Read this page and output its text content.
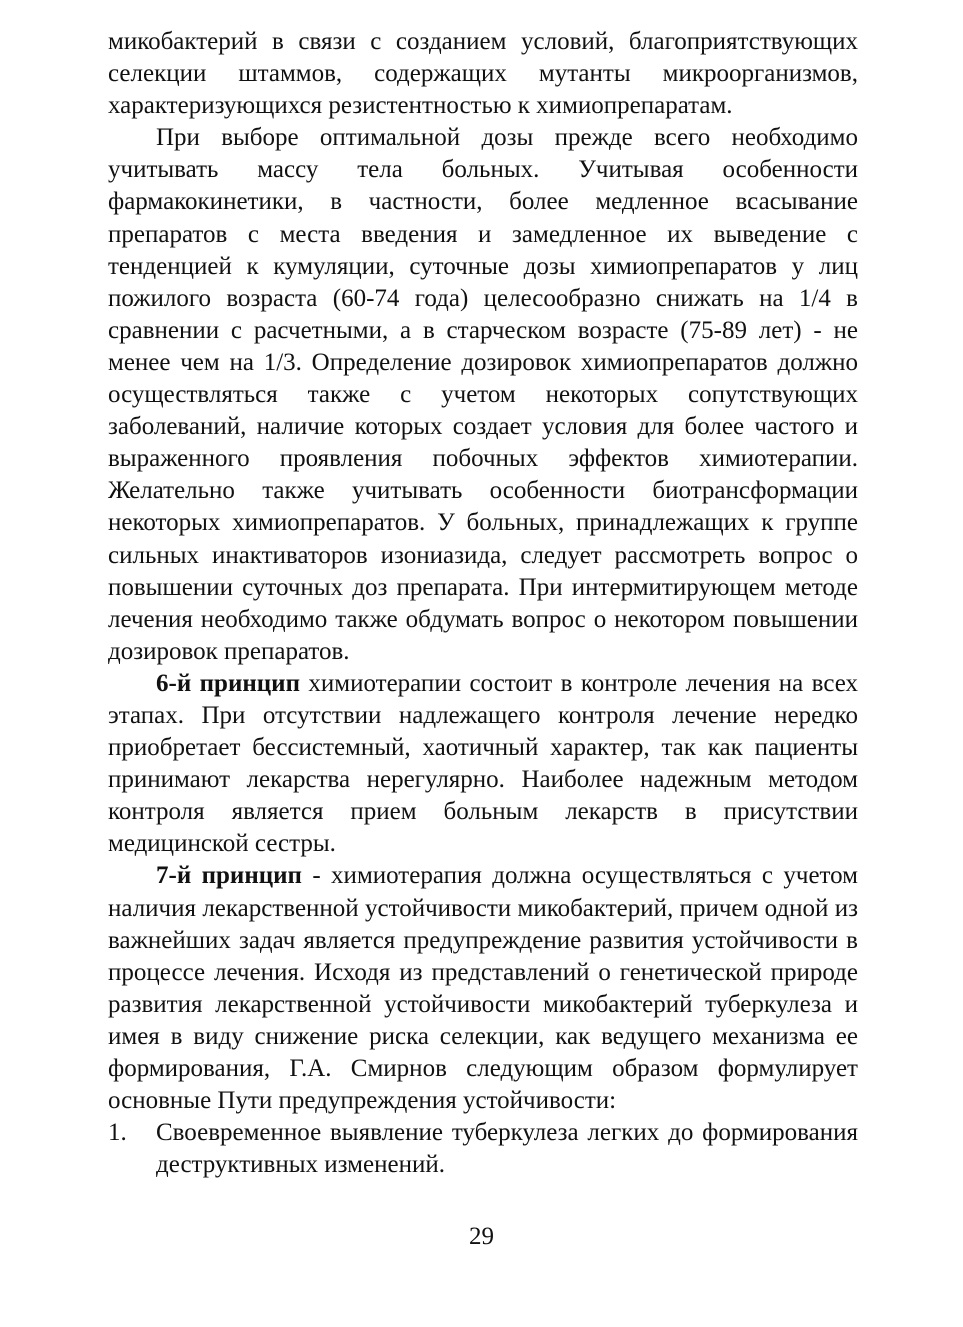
микобактерий в связи с созданием условий, благоприятствующих селекции штаммов, содержащих мутанты микроорганизмов, характеризующихся резистентностью к химиопрепаратам.

При выборе оптимальной дозы прежде всего необходимо учитывать массу тела больных. Учитывая особенности фармакокинетики, в частности, более медленное всасывание препаратов с места введения и замедленное их выведение с тенденцией к кумуляции, суточные дозы химиопрепаратов у лиц пожилого возраста (60-74 года) целесообразно снижать на 1/4 в сравнении с расчетными, а в старческом возрасте (75-89 лет) - не менее чем на 1/3. Определение дозировок химиопрепаратов должно осуществляться также с учетом некоторых сопутствующих заболеваний, наличие которых создает условия для более частого и выраженного проявления побочных эффектов химиотерапии. Желательно также учитывать особенности биотрансформации некоторых химиопрепаратов. У больных, принадлежащих к группе сильных инактиваторов изониазида, следует рассмотреть вопрос о повышении суточных доз препарата. При интермитирующем методе лечения необходимо также обдумать вопрос о некотором повышении дозировок препаратов.

6-й принцип химиотерапии состоит в контроле лечения на всех этапах. При отсутствии надлежащего контроля лечение нередко приобретает бессистемный, хаотичный характер, так как пациенты принимают лекарства нерегулярно. Наиболее надежным методом контроля является прием больным лекарств в присутствии медицинской сестры.

7-й принцип - химиотерапия должна осуществляться с учетом наличия лекарственной устойчивости микобактерий, причем одной из важнейших задач является предупреждение развития устойчивости в процессе лечения. Исходя из представлений о генетической природе развития лекарственной устойчивости микобактерий туберкулеза и имея в виду снижение риска селекции, как ведущего механизма ее формирования, Г.А. Смирнов следующим образом формулирует основные Пути предупреждения устойчивости:

1.	Своевременное выявление туберкулеза легких до формирования деструктивных изменений.
29
